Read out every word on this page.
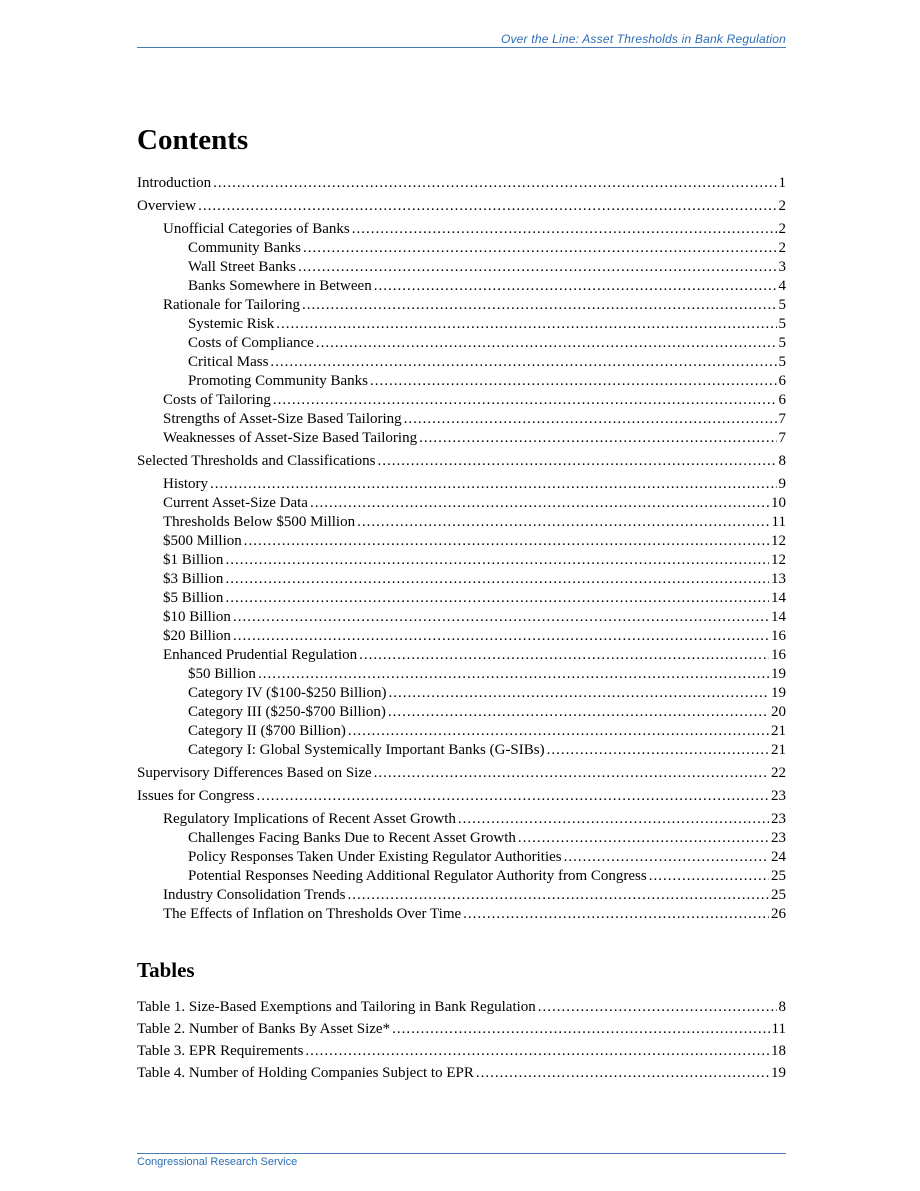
Over the Line: Asset Thresholds in Bank Regulation
Contents
Introduction .....	1
Overview .....	2
Unofficial Categories of Banks .....	2
Community Banks .....	2
Wall Street Banks .....	3
Banks Somewhere in Between .....	4
Rationale for Tailoring .....	5
Systemic Risk .....	5
Costs of Compliance .....	5
Critical Mass .....	5
Promoting Community Banks .....	6
Costs of Tailoring .....	6
Strengths of Asset-Size Based Tailoring .....	7
Weaknesses of Asset-Size Based Tailoring .....	7
Selected Thresholds and Classifications .....	8
History .....	9
Current Asset-Size Data .....	10
Thresholds Below $500 Million .....	11
$500 Million .....	12
$1 Billion .....	12
$3 Billion .....	13
$5 Billion .....	14
$10 Billion .....	14
$20 Billion .....	16
Enhanced Prudential Regulation .....	16
$50 Billion .....	19
Category IV ($100-$250 Billion) .....	19
Category III ($250-$700 Billion) .....	20
Category II ($700 Billion) .....	21
Category I: Global Systemically Important Banks (G-SIBs) .....	21
Supervisory Differences Based on Size .....	22
Issues for Congress .....	23
Regulatory Implications of Recent Asset Growth .....	23
Challenges Facing Banks Due to Recent Asset Growth .....	23
Policy Responses Taken Under Existing Regulator Authorities .....	24
Potential Responses Needing Additional Regulator Authority from Congress .....	25
Industry Consolidation Trends .....	25
The Effects of Inflation on Thresholds Over Time .....	26
Tables
Table 1. Size-Based Exemptions and Tailoring in Bank Regulation .....	8
Table 2. Number of Banks By Asset Size* .....	11
Table 3. EPR Requirements .....	18
Table 4. Number of Holding Companies Subject to EPR .....	19
Congressional Research Service
